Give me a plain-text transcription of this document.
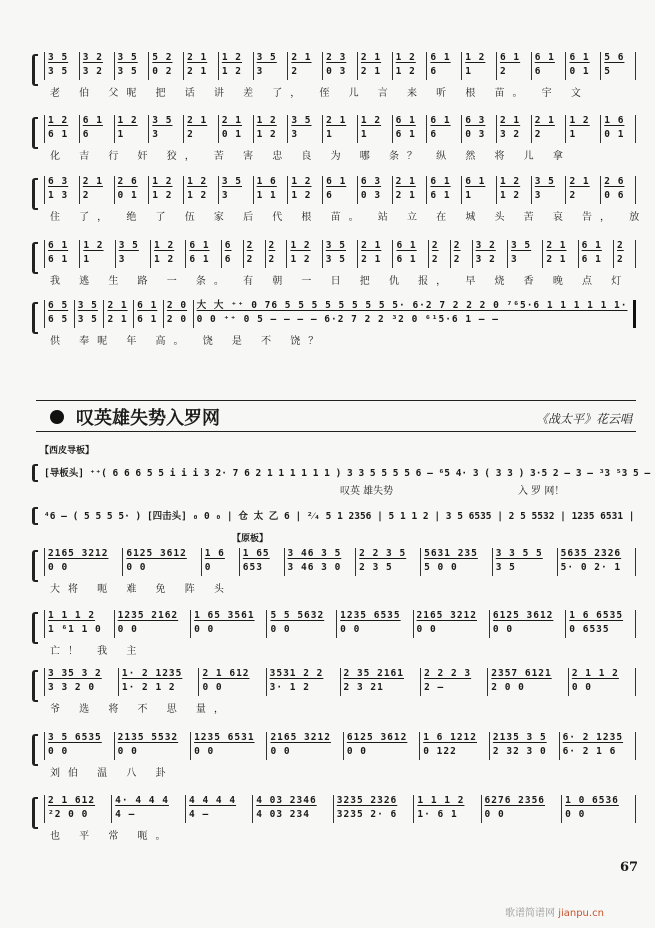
3 5
3 5
3 2
3 2
3 5
3 5
5 2
0 2
2 1
2 1
1 2
1 2
3 5
3
2 1
2
2 3
0 3
2 1
2 1
1 2
1 2
6 1
6
1 2
1
6 1
2
6 1
6
6 1
0 1
5 6
5
老 伯 父呢 把 话 讲 差 了， 侄 儿 言 来 听 根 苗。 宇 文
1 2
6 1
6 1
6
1 2
1
3 5
3
2 1
2
2 1
0 1
1 2
1 2
3 5
3
2 1
1
1 2
1
6 1
6 1
6 1
6
6 3
0 3
2 1
3 2
2 1
2
1 2
1
1 6
0 1
化 吉 行 奸 狡， 苦 害 忠 良 为 哪 条？ 纵 然 将 儿 拿
6 3
1 3
2 1
2
2 6
0 1
1 2
1 2
1 2
1 2
3 5
3
1 6
1 1
1 2
1 2
6 1
6
6 3
0 3
2 1
2 1
6 1
6 1
6 1
1
1 2
1 2
3 5
3
2 1
2
2 6
0 6
住 了， 绝 了 伍 家 后 代 根 苗。 站 立 在 城 头 苦 哀 告， 放
6 1
6 1
1 2
1
3 5
3
1 2
1 2
6 1
6 1
6
6
2
2
2
2
1 2
1 2
3 5
3 5
2 1
2 1
6 1
6 1
2
2
2
2
3 2
3 2
3 5
3
2 1
2 1
6 1
6 1
2
2
我 逃 生 路 一 条。 有 朝 一 日 把 仇 报， 早 烧 香 晚 点 灯
6 5
6 5
3 5
3 5
2 1
2 1
6 1
6 1
2 0
2 0
大 大 ⁺⁺ 0 76 5 5 5 5 5 5 5 5 5· 6·2 7 2 2 2 0 ⁷⁶5·6 1 1 1 1 1 1·
0 0 ⁺⁺ 0 5 – – – – 6·2 7 2 2 ³2 0 ⁶¹5·6 1 – –
供 奉呢 年 高。 饶 是 不 饶？
叹英雄失势入罗网	《战太平》花云唱
【西皮导板】
[导板头] ⁺⁺( 6 6 6 5 5 i i i 3 2· 7 6 2 1 1 1 1 1 1 ) 3 3 5 5 5 5 6 – ⁶5 4· 3 ( 3 3 ) 3·5 2 – 3 – ³3 ⁵3 5 –
叹英 雄失势	入 罗 网！
⁴6 – ( 5 5 5 5· ) [四击头] ₀ 0 ₀ | 仓 太 乙 6 | ²⁄₄ 5 1 2356 | 5 1 1 2 | 3 5 6535 | 2 5 5532 | 1235 6531 |
【原板】
2165 3212
0 0
6125 3612
0 0
1 6
0
1 65
653
3 46 3 5
3 46 3 0
2 2 3 5
2 3 5
5631 235
5 0 0
3 3 5 5
3 5
5635 2326
5· 0 2· 1
大将 呃 难 免 阵 头
1 1 1 2
1 ⁶1 1 0
1235 2162
0 0
1 65 3561
0 0
5 5 5632
0 0
1235 6535
0 0
2165 3212
0 0
6125 3612
0 0
1 6 6535
0 6535
亡！ 我 主
3 35 3 2
3 3 2 0
1· 2 1235
1· 2 1 2
2 1 612
0 0
3531 2 2
3· 1 2
2 35 2161
2 3 21
2 2 2 3
2 –
2357 6121
2 0 0
2 1 1 2
0 0
爷 选 将 不 思 量，
3 5 6535
0 0
2135 5532
0 0
1235 6531
0 0
2165 3212
0 0
6125 3612
0 0
1 6 1212
0 122
2135 3 5
2 32 3 0
6· 2 1235
6· 2 1 6
刘伯 温 八 卦
2 1 612
²2 0 0
4· 4 4 4
4 –
4 4 4 4
4 –
4 03 2346
4 03 234
3235 2326
3235 2· 6
1 1 1 2
1· 6 1
6276 2356
0 0
1 0 6536
0 0
也 平 常 呃。
67
歌谱简谱网 jianpu.cn
